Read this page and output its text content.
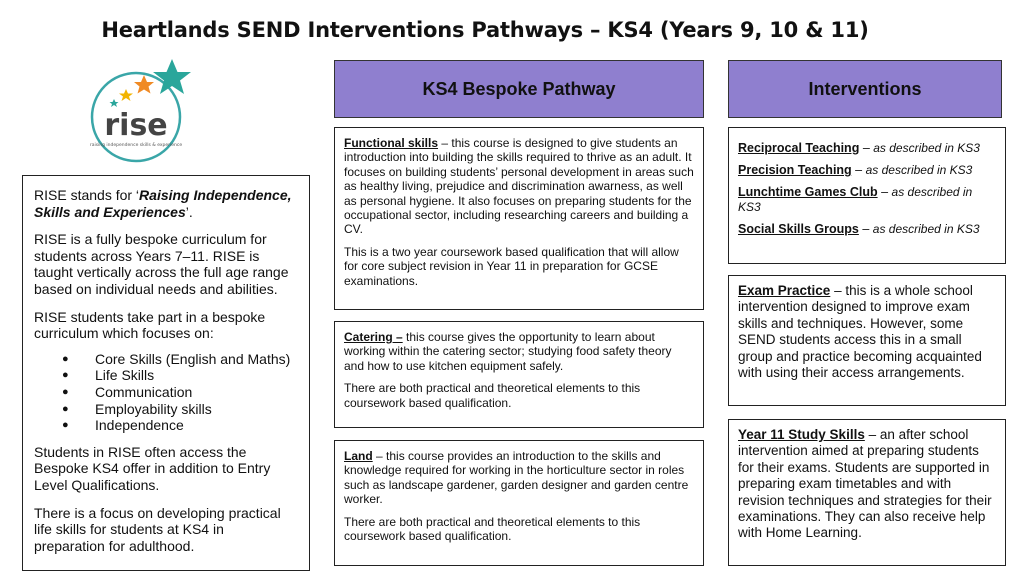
Heartlands SEND Interventions Pathways – KS4 (Years 9, 10 & 11)
rise
raising independence skills & experience
KS4 Bespoke Pathway	Interventions

RISE stands for ‘Raising Independence, Skills and Experiences’.

RISE is a fully bespoke curriculum for students across Years 7–11. RISE is taught vertically across the full age range based on individual needs and abilities.

RISE students take part in a bespoke curriculum which focuses on:

● Core Skills (English and Maths)
● Life Skills
● Communication
● Employability skills
● Independence

Students in RISE often access the Bespoke KS4 offer in addition to Entry Level Qualifications.

There is a focus on developing practical life skills for students at KS4 in preparation for adulthood.

Functional skills – this course is designed to give students an introduction into building the skills required to thrive as an adult. It focuses on building students’ personal development in areas such as healthy living, prejudice and discrimination awarness, as well as personal hygiene. It also focuses on preparing students for the occupational sector, including researching careers and building a CV.

This is a two year coursework based qualification that will allow for core subject revision in Year 11 in preparation for GCSE examinations.

Catering – this course gives the opportunity to learn about working within the catering sector; studying food safety theory and how to use kitchen equipment safely.

There are both practical and theoretical elements to this coursework based qualification.

Land – this course provides an introduction to the skills and knowledge required for working in the horticulture sector in roles such as landscape gardener, garden designer and garden centre worker.

There are both practical and theoretical elements to this coursework based qualification.

Reciprocal Teaching – as described in KS3
Precision Teaching – as described in KS3
Lunchtime Games Club – as described in KS3
Social Skills Groups – as described in KS3
Exam Practice – this is a whole school intervention designed to improve exam skills and techniques. However, some SEND students access this in a small group and practice becoming acquainted with using their access arrangements.
Year 11 Study Skills – an after school intervention aimed at preparing students for their exams. Students are supported in preparing exam timetables and with revision techniques and strategies for their examinations. They can also receive help with Home Learning.
